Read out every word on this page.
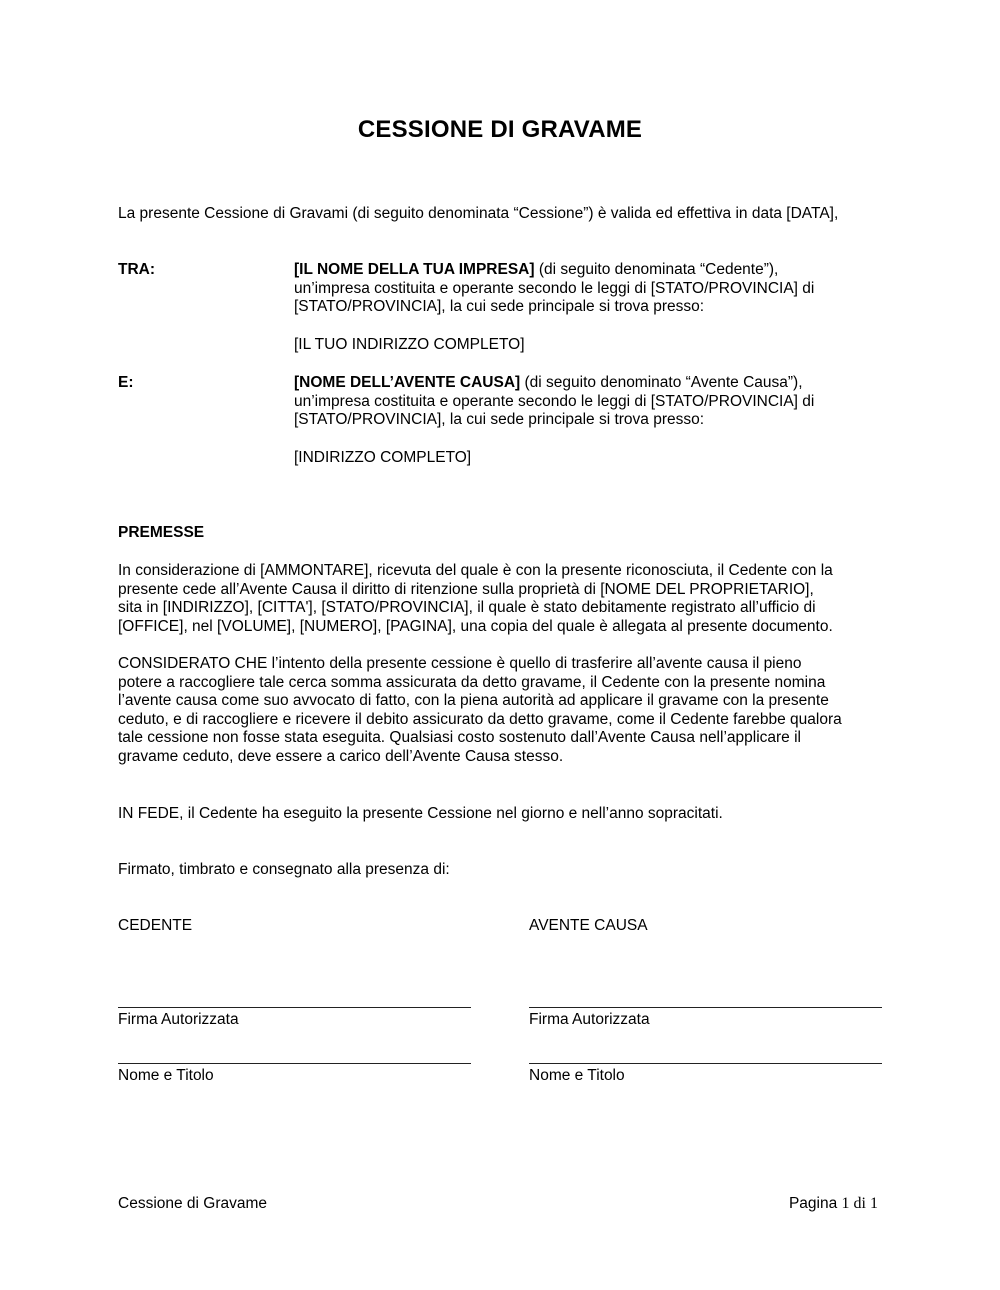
CESSIONE DI GRAVAME
La presente Cessione di Gravami (di seguito denominata “Cessione”) è valida ed effettiva in data [DATA],
TRA:	[IL NOME DELLA TUA IMPRESA] (di seguito denominata “Cedente”),
un’impresa costituita e operante secondo le leggi di [STATO/PROVINCIA] di
[STATO/PROVINCIA], la cui sede principale si trova presso:
[IL TUO INDIRIZZO COMPLETO]
E:	[NOME DELL’AVENTE CAUSA] (di seguito denominato “Avente Causa”),
un’impresa costituita e operante secondo le leggi di [STATO/PROVINCIA] di
[STATO/PROVINCIA], la cui sede principale si trova presso:
[INDIRIZZO COMPLETO]
PREMESSE
In considerazione di [AMMONTARE], ricevuta del quale è con la presente riconosciuta, il Cedente con la
presente cede all’Avente Causa il diritto di ritenzione sulla proprietà di [NOME DEL PROPRIETARIO],
sita in [INDIRIZZO], [CITTA'], [STATO/PROVINCIA], il quale è stato debitamente registrato all’ufficio di
[OFFICE], nel [VOLUME], [NUMERO], [PAGINA], una copia del quale è allegata al presente documento.
CONSIDERATO CHE l’intento della presente cessione è quello di trasferire all’avente causa il pieno
potere a raccogliere tale cerca somma assicurata da detto gravame, il Cedente con la presente nomina
l’avente causa come suo avvocato di fatto, con la piena autorità ad applicare il gravame con la presente
ceduto, e di raccogliere e ricevere il debito assicurato da detto gravame, come il Cedente farebbe qualora
tale cessione non fosse stata eseguita. Qualsiasi costo sostenuto dall’Avente Causa nell’applicare il
gravame ceduto, deve essere a carico dell’Avente Causa stesso.
IN FEDE, il Cedente ha eseguito la presente Cessione nel giorno e nell’anno sopracitati.
Firmato, timbrato e consegnato alla presenza di:
CEDENTE	AVENTE CAUSA
Firma Autorizzata	Firma Autorizzata
Nome e Titolo	Nome e Titolo
Cessione di Gravame	Pagina 1 di 1
